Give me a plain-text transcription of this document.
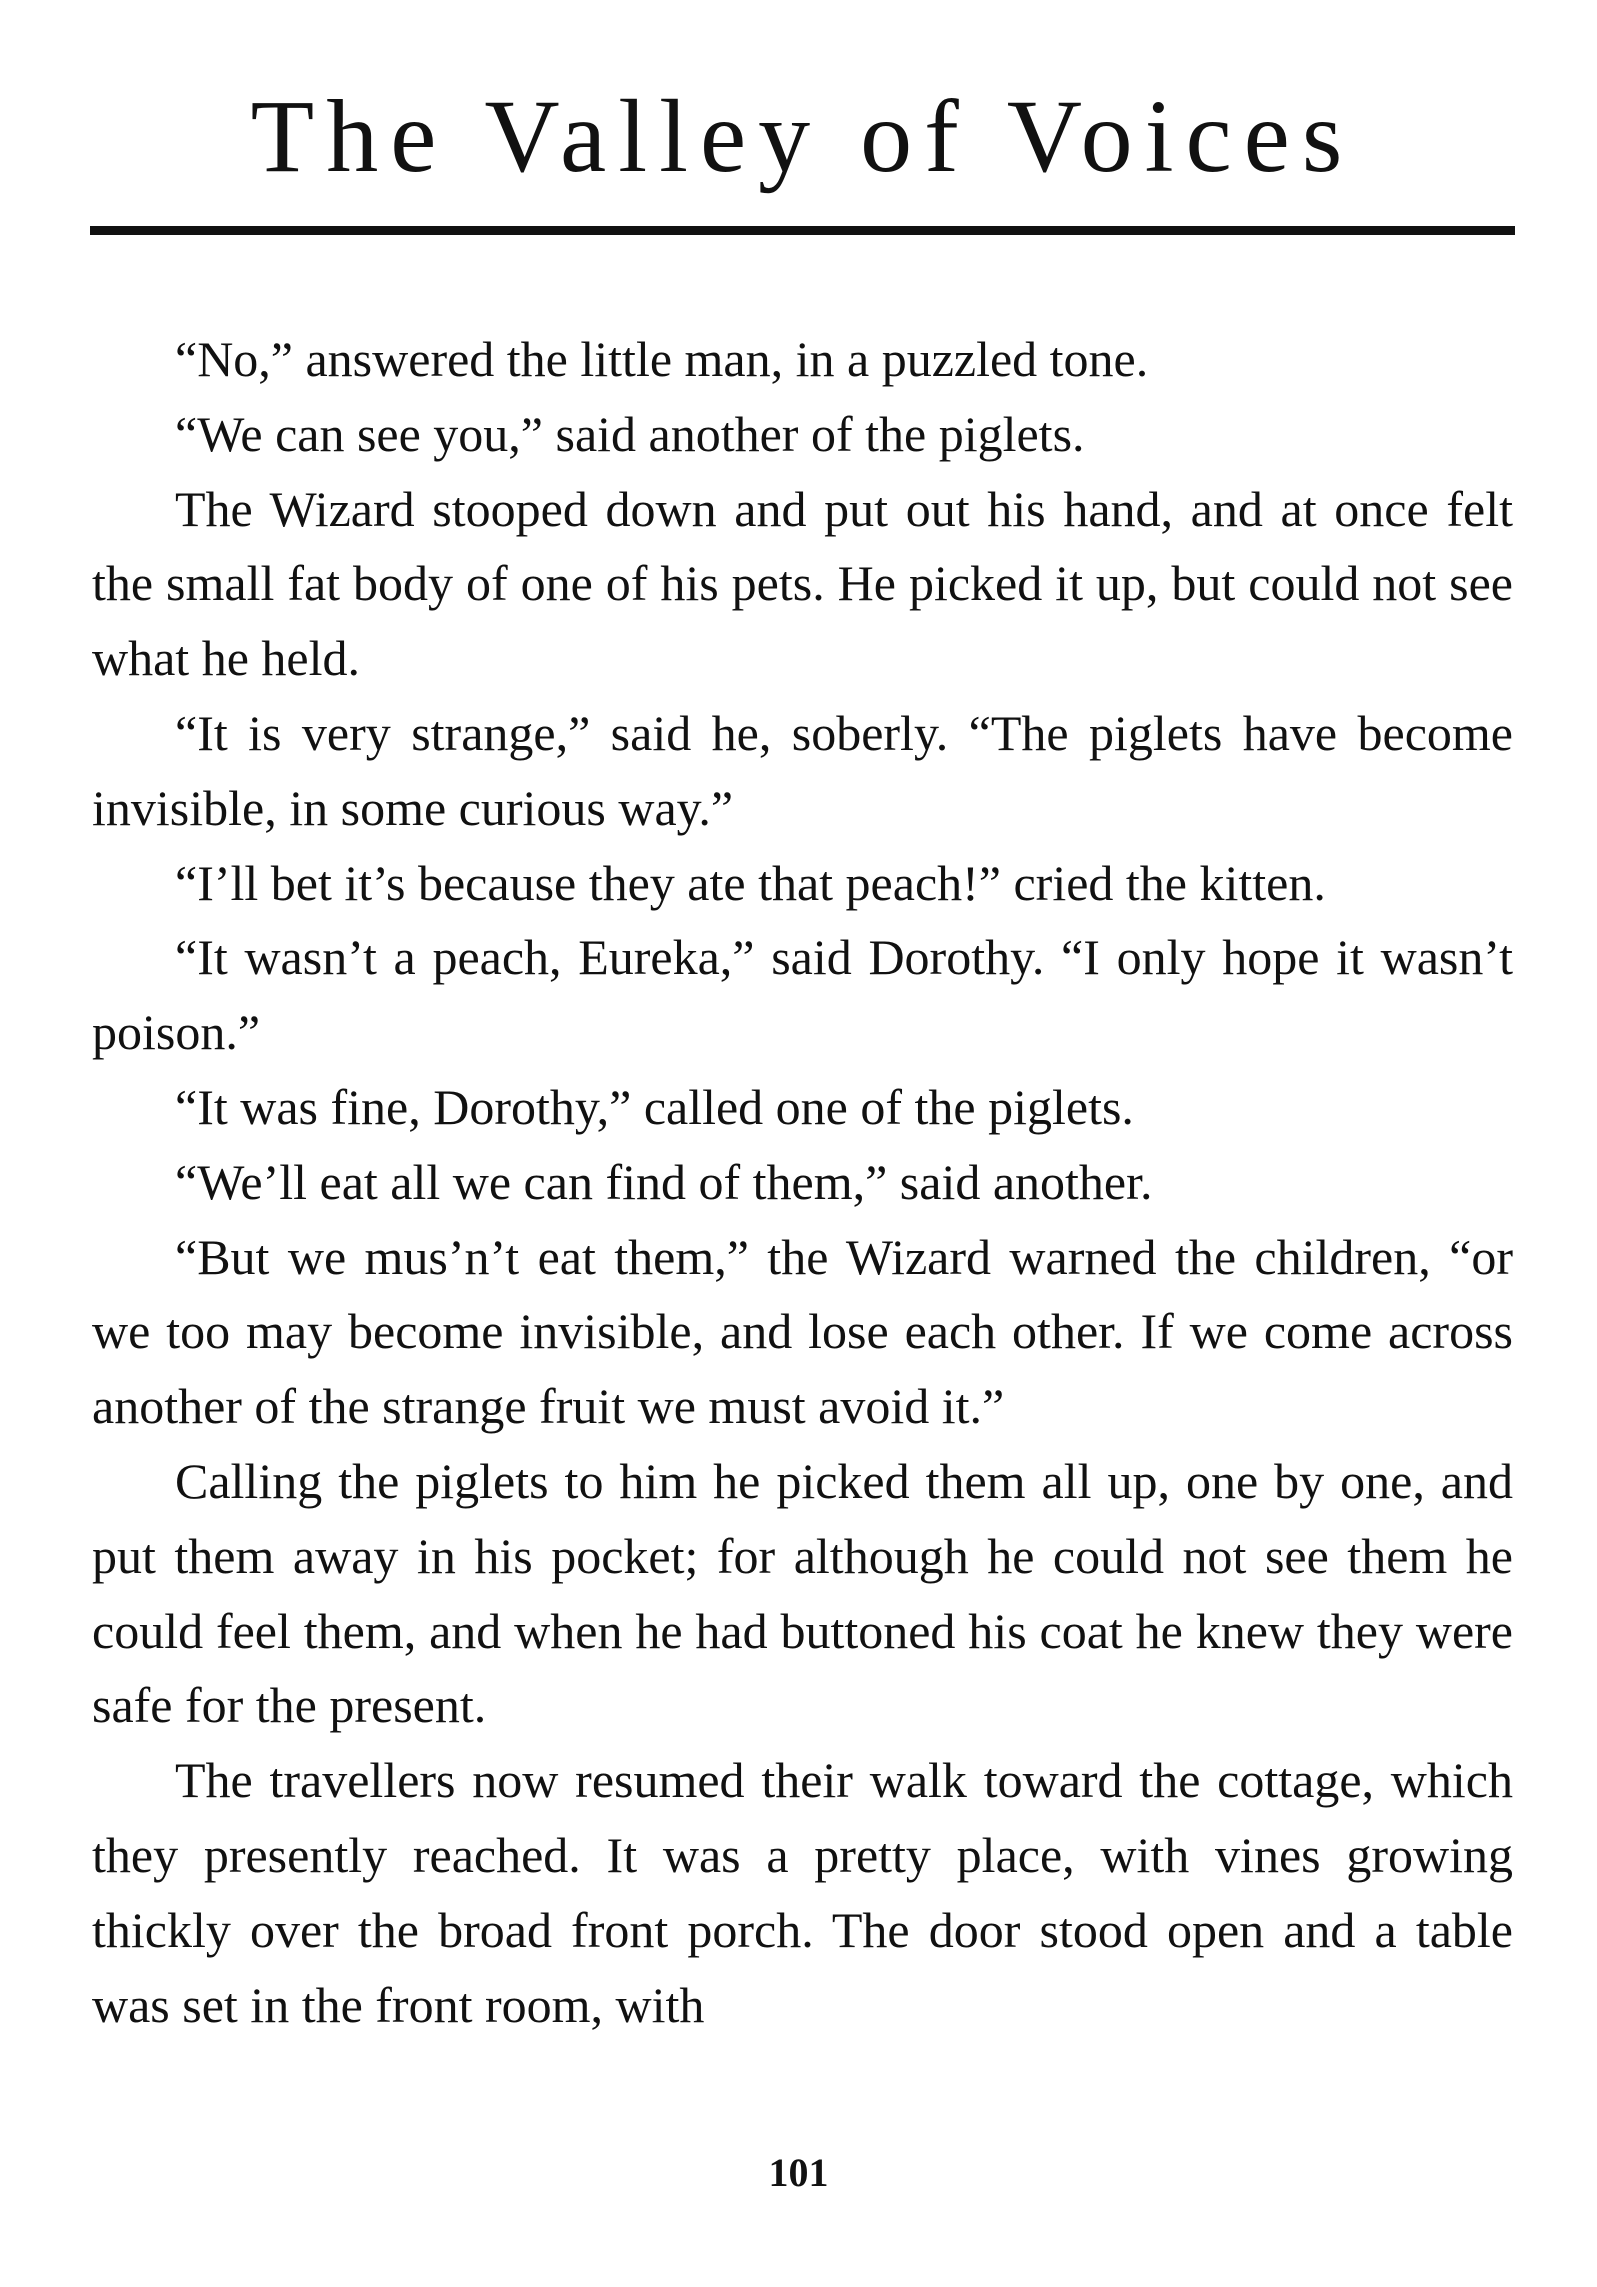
The Valley of Voices

“No,” answered the little man, in a puzzled tone.

“We can see you,” said another of the piglets.

The Wizard stooped down and put out his hand, and at once felt the small fat body of one of his pets. He picked it up, but could not see what he held.

“It is very strange,” said he, soberly. “The piglets have become invisible, in some curious way.”

“I’ll bet it’s because they ate that peach!” cried the kitten.

“It wasn’t a peach, Eureka,” said Dorothy. “I only hope it wasn’t poison.”

“It was fine, Dorothy,” called one of the piglets.

“We’ll eat all we can find of them,” said another.

“But we mus’n’t eat them,” the Wizard warned the children, “or we too may become invisible, and lose each other. If we come across another of the strange fruit we must avoid it.”

Calling the piglets to him he picked them all up, one by one, and put them away in his pocket; for although he could not see them he could feel them, and when he had buttoned his coat he knew they were safe for the present.

The travellers now resumed their walk toward the cottage, which they presently reached. It was a pretty place, with vines growing thickly over the broad front porch. The door stood open and a table was set in the front room, with

101
